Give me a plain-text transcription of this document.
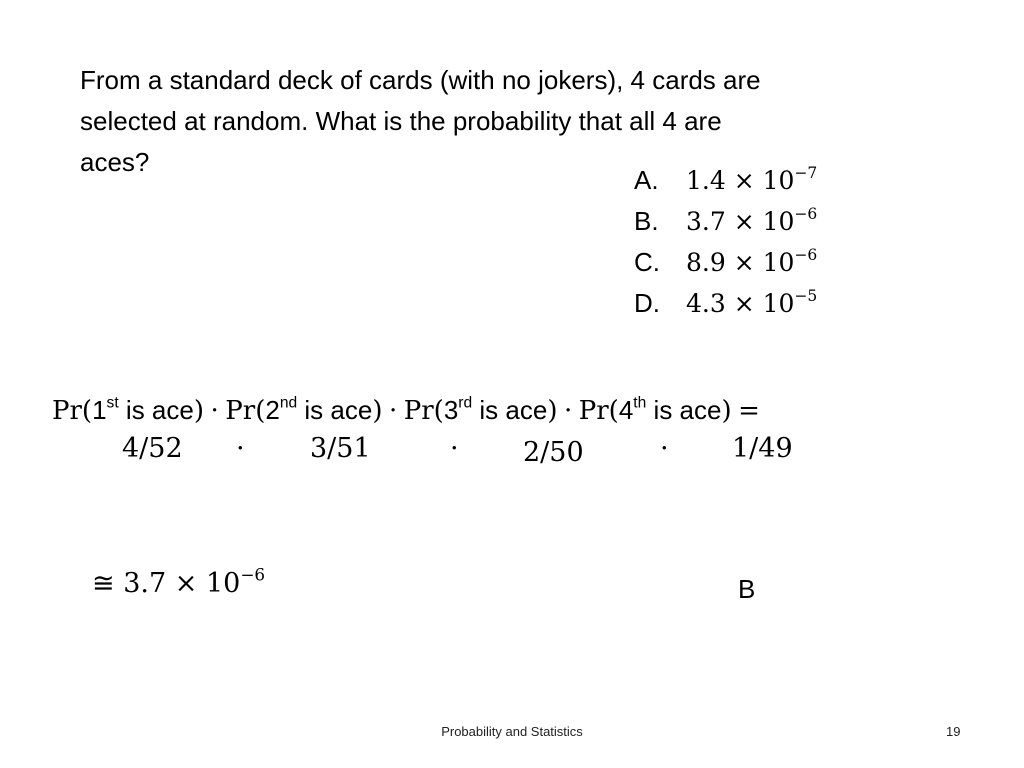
From a standard deck of cards (with no jokers), 4 cards are
selected at random. What is the probability that all 4 are
aces?
A.	$1.4 \times 10^{-7}$
B.	$3.7 \times 10^{-6}$
C.	$8.9 \times 10^{-6}$
D.	$4.3 \times 10^{-5}$
Pr(1st is ace) · Pr(2nd is ace) · Pr(3rd is ace) · Pr(4th is ace) =
4/52 · 3/51	· 2/50	· 1/49
≅ $3.7 \times 10^{-6}$	B
Probability and Statistics	19
